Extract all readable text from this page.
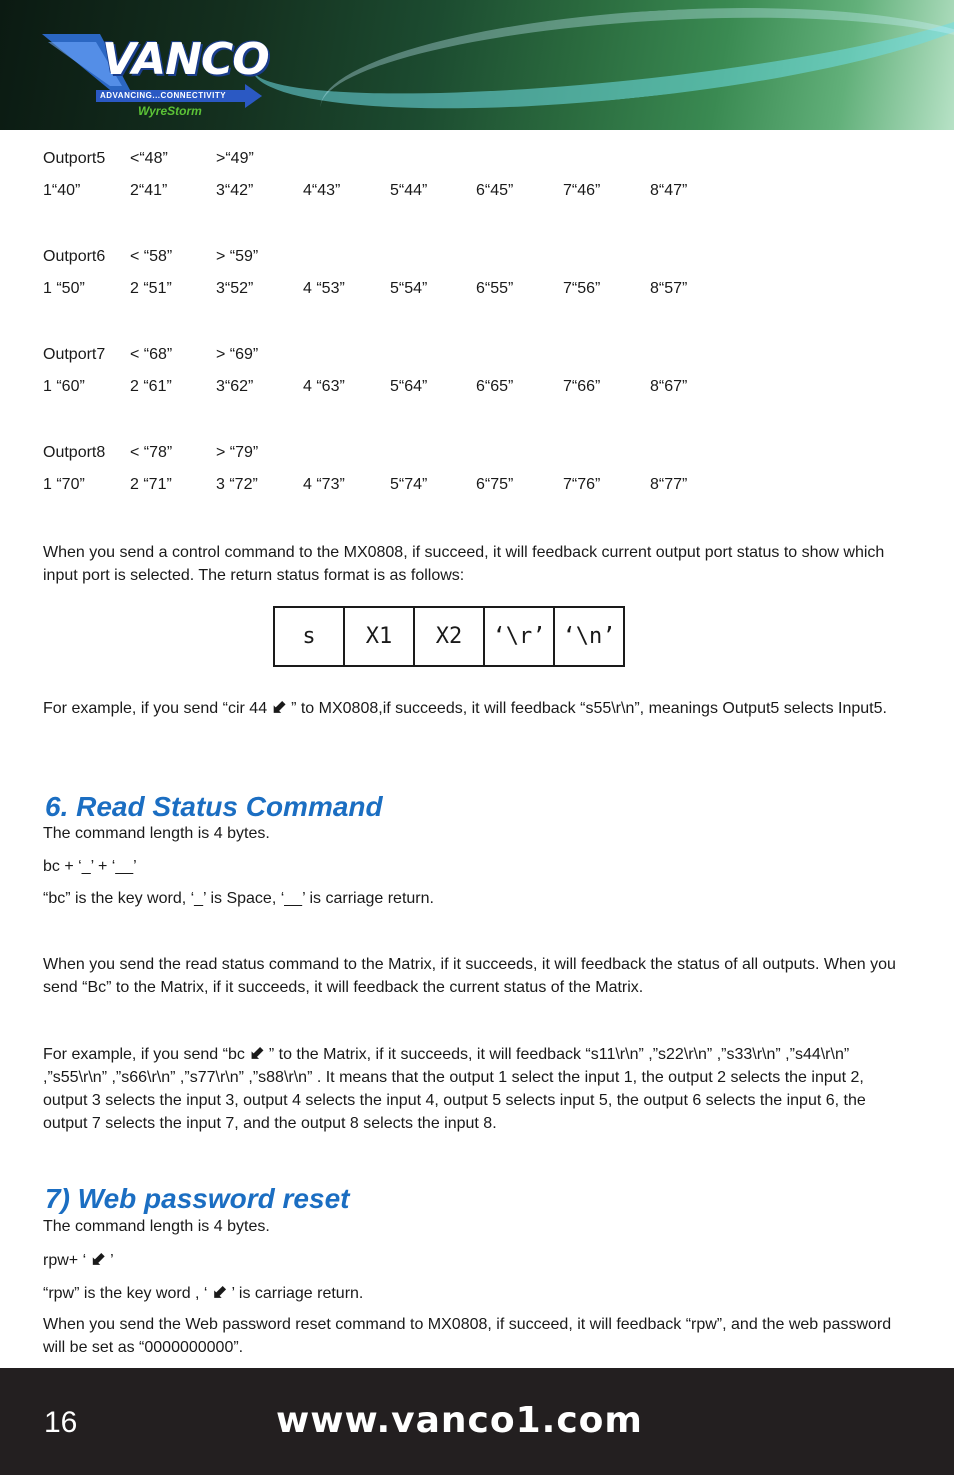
VANCO
ADVANCING...CONNECTIVITY
WyreStorm
Outport5 <“48”	>“49”
1“40”	2“41”	3“42”	4“43”	5“44”	6“45”	7“46”	8“47”
Outport6 < “58”	> “59”
1 “50”	2 “51”	3“52”	4 “53”	5“54”	6“55”	7“56”	8“57”
Outport7 < “68”	> “69”
1 “60”	2 “61”	3“62”	4 “63”	5“64”	6“65”	7“66”	8“67”
Outport8 < “78”	> “79”
1 “70”	2 “71”	3 “72”	4 “73”	5“74”	6“75”	7“76”	8“77”
When you send a control command to the MX0808, if succeed, it will feedback current output port status to show which input port is selected. The return status format is as follows:
s	X1	X2	‘\r’	‘\n’
For example, if you send “cir 44 ⬋ ” to MX0808,if succeeds, it will feedback “s55\r\n”, meanings Output5 selects Input5.
6. Read Status Command
The command length is 4 bytes.
bc + ‘_’ + ‘__’
“bc” is the key word, ‘_’ is Space, ‘__’ is carriage return.
When you send the read status command to the Matrix, if it succeeds, it will feedback the status of all outputs. When you send “Bc” to the Matrix, if it succeeds, it will feedback the current status of the Matrix.
For example, if you send “bc ⬋ ” to the Matrix, if it succeeds, it will feedback “s11\r\n” ,”s22\r\n” ,”s33\r\n” ,”s44\r\n” ,”s55\r\n” ,”s66\r\n” ,”s77\r\n” ,”s88\r\n” . It means that the output 1 select the input 1, the output 2 selects the input 2, output 3 selects the input 3, output 4 selects the input 4, output 5 selects input 5, the output 6 selects the input 6, the output 7 selects the input 7, and the output 8 selects the input 8.
7) Web password reset
The command length is 4 bytes.
rpw+ ‘ ⬋ ’
“rpw” is the key word , ‘ ⬋ ’ is carriage return.
When you send the Web password reset command to MX0808, if succeed, it will feedback “rpw”, and the web password will be set as “0000000000”.
16	www.vanco1.com
